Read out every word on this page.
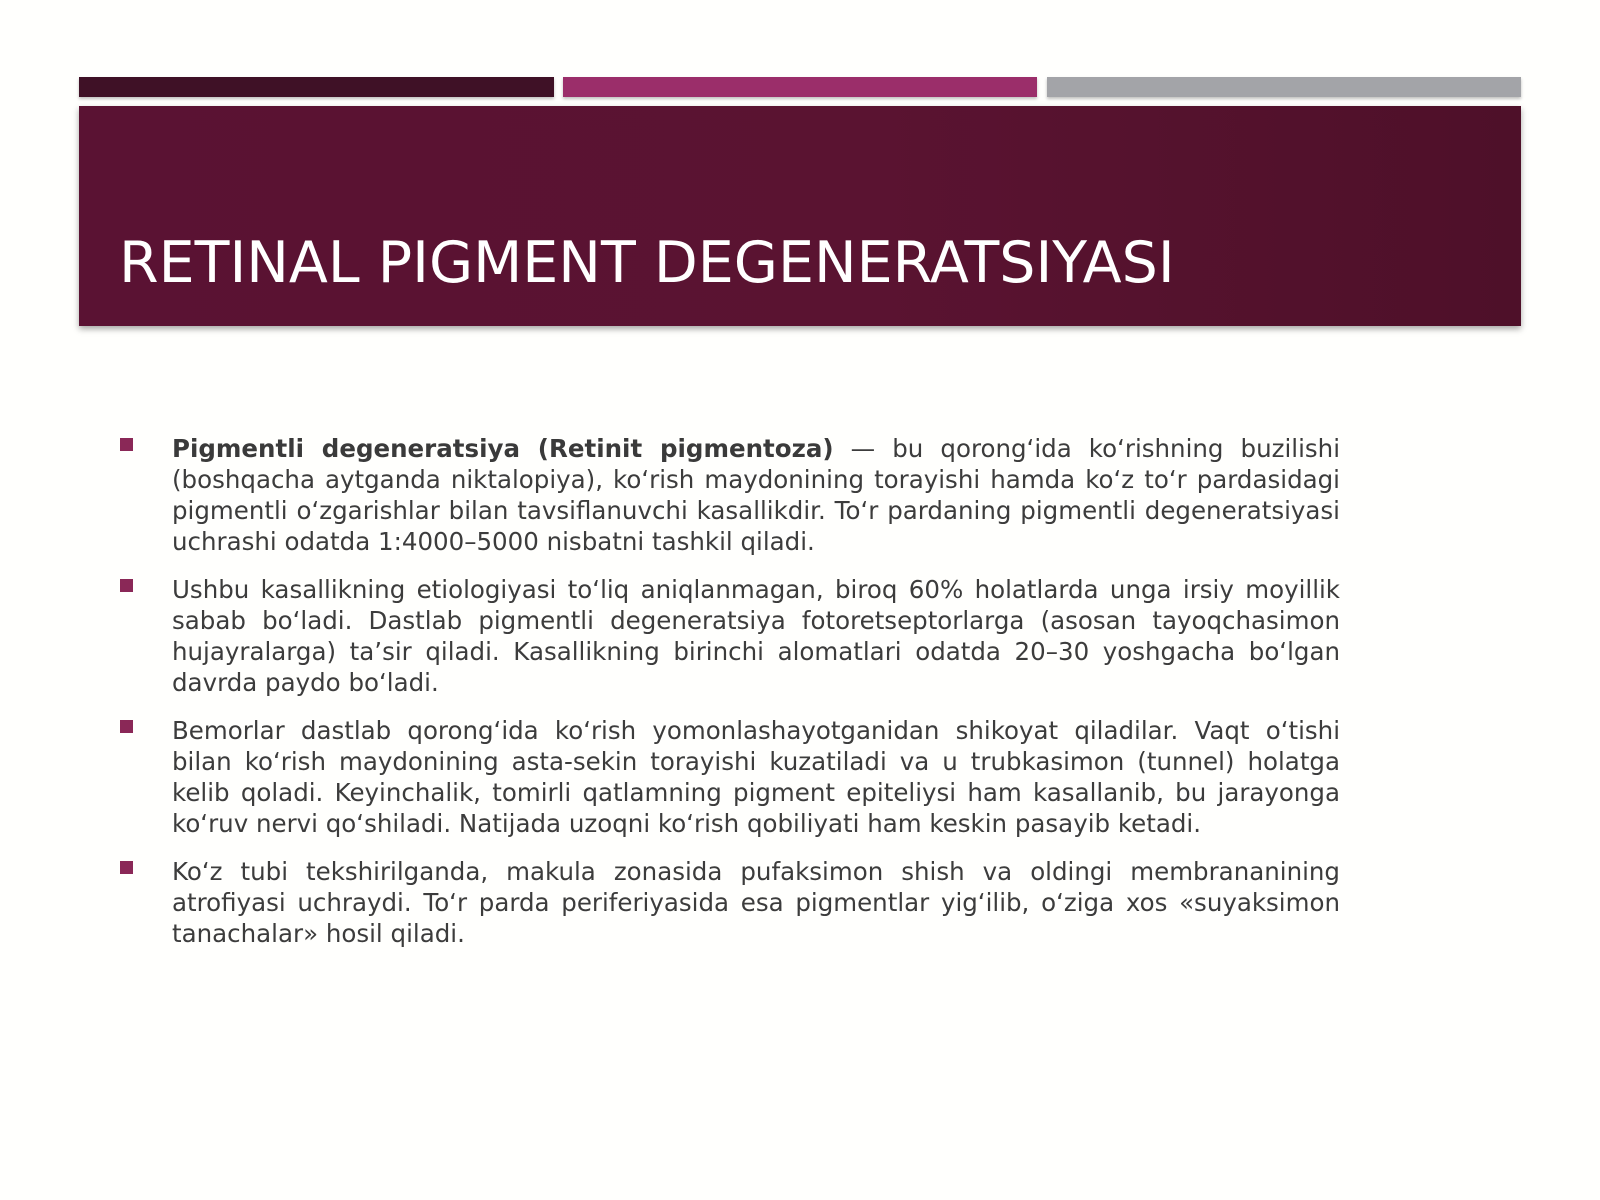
RETINAL PIGMENT DEGENERATSIYASI
Pigmentli degeneratsiya (Retinit pigmentoza) — bu qorong‘ida ko‘rishning buzilishi (boshqacha aytganda niktalopiya), ko‘rish maydonining torayishi hamda ko‘z to‘r pardasidagi pigmentli o‘zgarishlar bilan tavsiflanuvchi kasallikdir. To‘r pardaning pigmentli degeneratsiyasi uchrashi odatda 1:4000–5000 nisbatni tashkil qiladi.
Ushbu kasallikning etiologiyasi to‘liq aniqlanmagan, biroq 60% holatlarda unga irsiy moyillik sabab bo‘ladi. Dastlab pigmentli degeneratsiya fotoretseptorlarga (asosan tayoqchasimon hujayralarga) ta’sir qiladi. Kasallikning birinchi alomatlari odatda 20–30 yoshgacha bo‘lgan davrda paydo bo‘ladi.
Bemorlar dastlab qorong‘ida ko‘rish yomonlashayotganidan shikoyat qiladilar. Vaqt o‘tishi bilan ko‘rish maydonining asta-sekin torayishi kuzatiladi va u trubkasimon (tunnel) holatga kelib qoladi. Keyinchalik, tomirli qatlamning pigment epiteliysi ham kasallanib, bu jarayonga ko‘ruv nervi qo‘shiladi. Natijada uzoqni ko‘rish qobiliyati ham keskin pasayib ketadi.
Ko‘z tubi tekshirilganda, makula zonasida pufaksimon shish va oldingi membrananining atrofiyasi uchraydi. To‘r parda periferiyasida esa pigmentlar yig‘ilib, o‘ziga xos «suyaksimon tanachalar» hosil qiladi.
